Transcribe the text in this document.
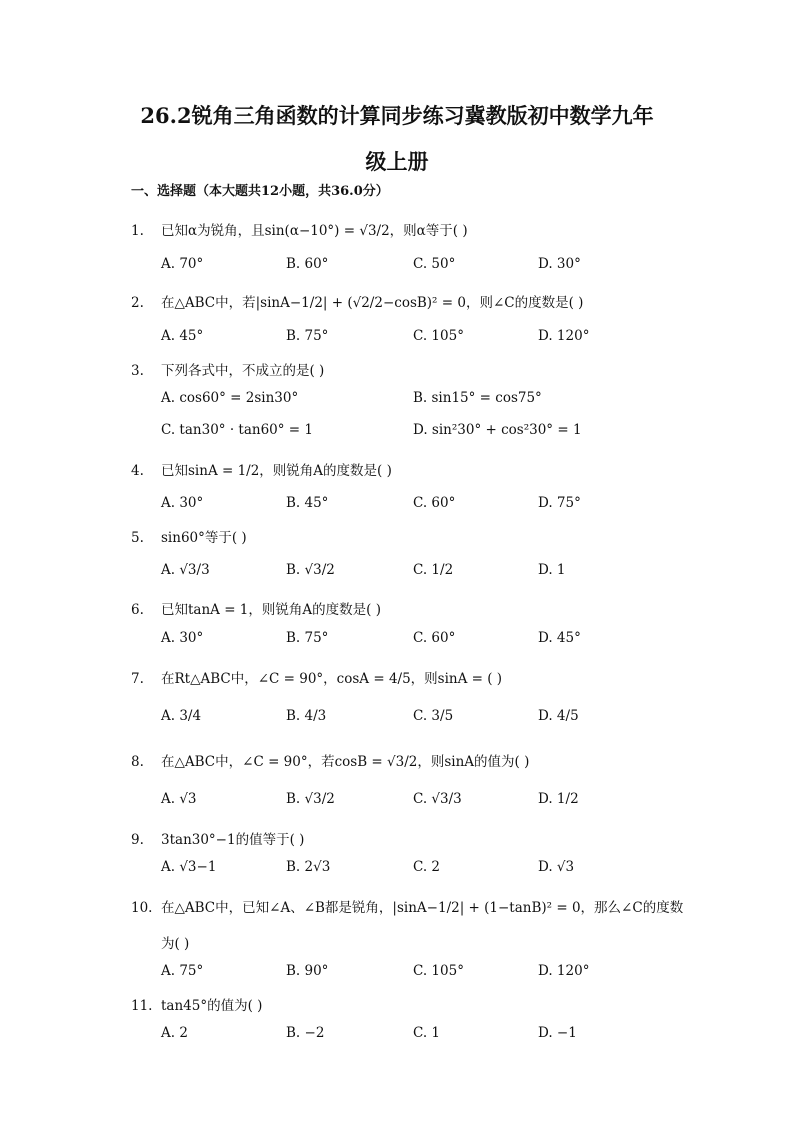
26.2锐角三角函数的计算同步练习冀教版初中数学九年
级上册
一、选择题（本大题共12小题，共36.0分）
1. 已知α为锐角，且sin(α−10°) = √3/2，则α等于( )
A. 70°	B. 60°	C. 50°	D. 30°
2. 在△ABC中，若|sinA−1/2| + (√2/2−cosB)² = 0，则∠C的度数是( )
A. 45°	B. 75°	C. 105°	D. 120°
3. 下列各式中，不成立的是( )
A. cos60° = 2sin30°	B. sin15° = cos75°
C. tan30° · tan60° = 1	D. sin²30° + cos²30° = 1
4. 已知sinA = 1/2，则锐角A的度数是( )
A. 30°	B. 45°	C. 60°	D. 75°
5. sin60°等于( )
A. √3/3	B. √3/2	C. 1/2	D. 1
6. 已知tanA = 1，则锐角A的度数是( )
A. 30°	B. 75°	C. 60°	D. 45°
7. 在Rt△ABC中，∠C = 90°，cosA = 4/5，则sinA = ( )
A. 3/4	B. 4/3	C. 3/5	D. 4/5
8. 在△ABC中，∠C = 90°，若cosB = √3/2，则sinA的值为( )
A. √3	B. √3/2	C. √3/3	D. 1/2
9. 3tan30°−1的值等于( )
A. √3−1	B. 2√3	C. 2	D. √3
10. 在△ABC中，已知∠A、∠B都是锐角，|sinA−1/2| + (1−tanB)² = 0，那么∠C的度数
为( )
A. 75°	B. 90°	C. 105°	D. 120°
11. tan45°的值为( )
A. 2	B. −2	C. 1	D. −1
